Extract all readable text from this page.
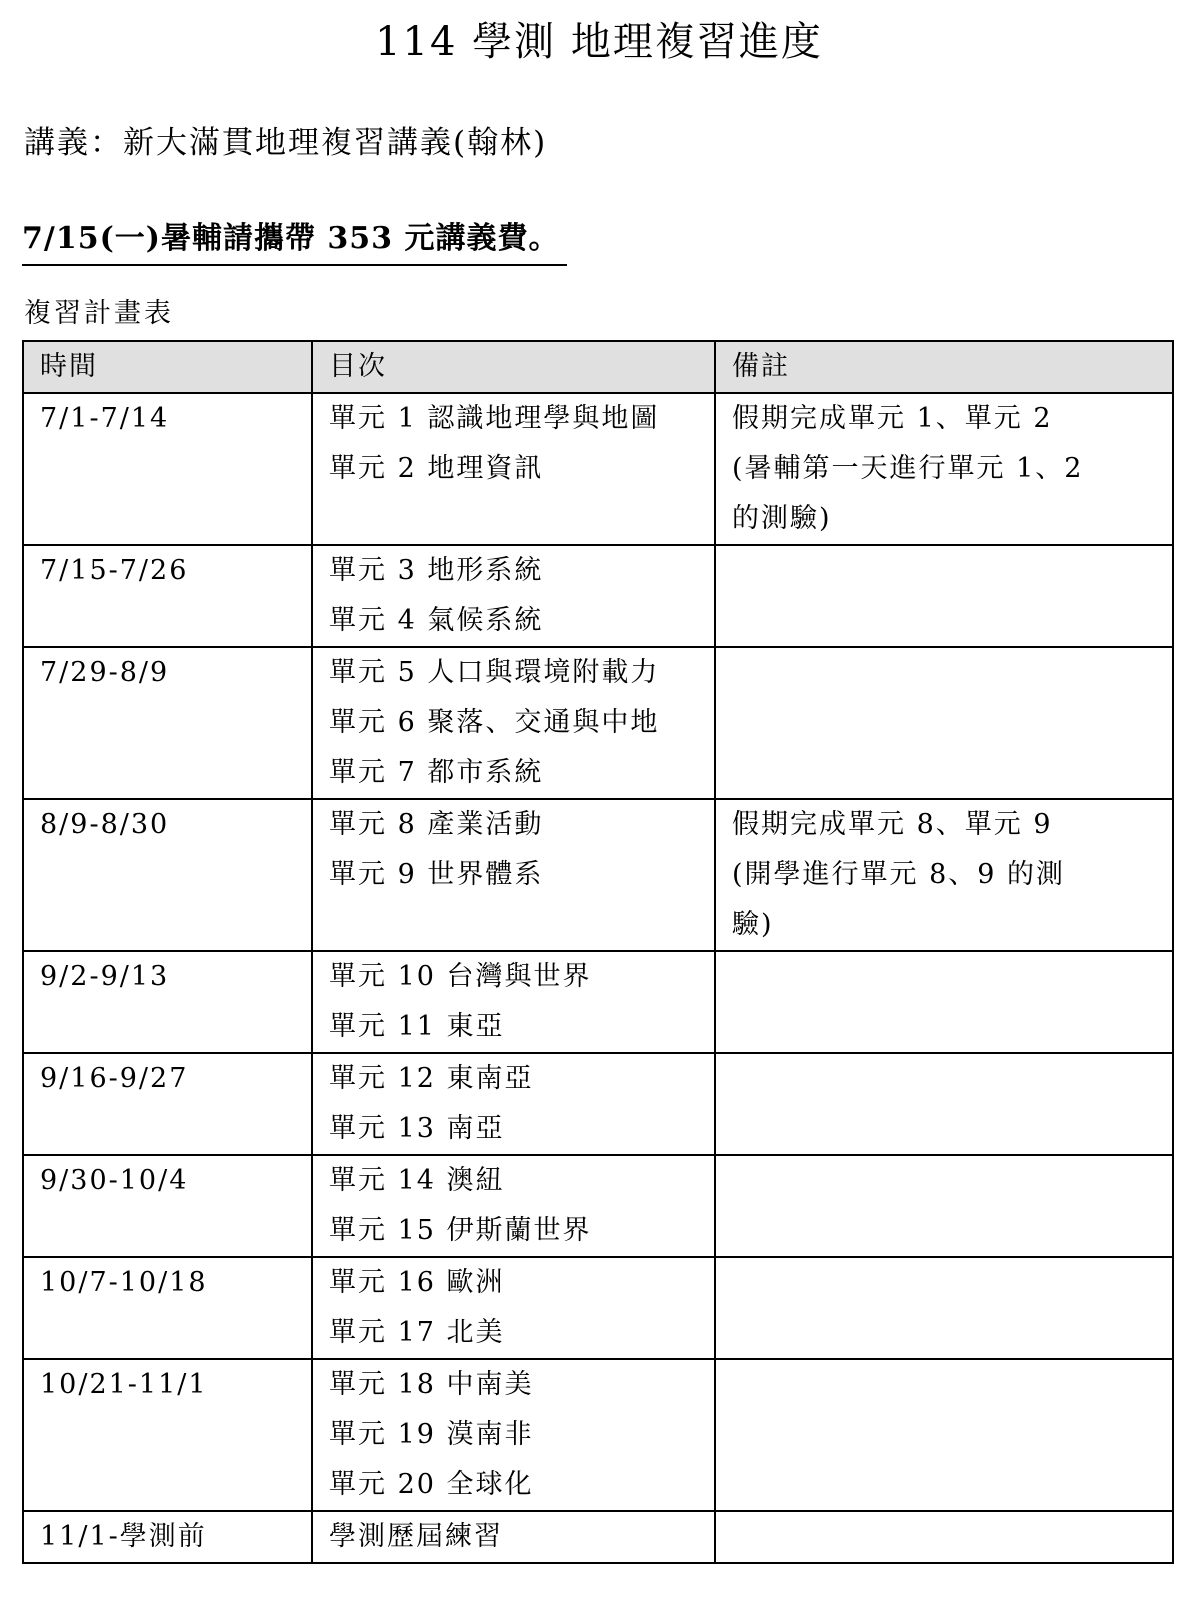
114 學測 地理複習進度
講義：新大滿貫地理複習講義(翰林)
7/15(一)暑輔請攜帶 353 元講義費。
複習計畫表
時間	目次	備註

7/1-7/14	單元 1 認識地理學與地圖
單元 2 地理資訊	假期完成單元 1、單元 2
(暑輔第一天進行單元 1、2
的測驗)

7/15-7/26	單元 3 地形系統
單元 4 氣候系統	

7/29-8/9	單元 5 人口與環境附載力
單元 6 聚落、交通與中地
單元 7 都市系統	

8/9-8/30	單元 8 產業活動
單元 9 世界體系	假期完成單元 8、單元 9
(開學進行單元 8、9 的測
驗)

9/2-9/13	單元 10 台灣與世界
單元 11 東亞	

9/16-9/27	單元 12 東南亞
單元 13 南亞	

9/30-10/4	單元 14 澳紐
單元 15 伊斯蘭世界	

10/7-10/18	單元 16 歐洲
單元 17 北美	

10/21-11/1	單元 18 中南美
單元 19 漠南非
單元 20 全球化	

11/1-學測前	學測歷屆練習	
